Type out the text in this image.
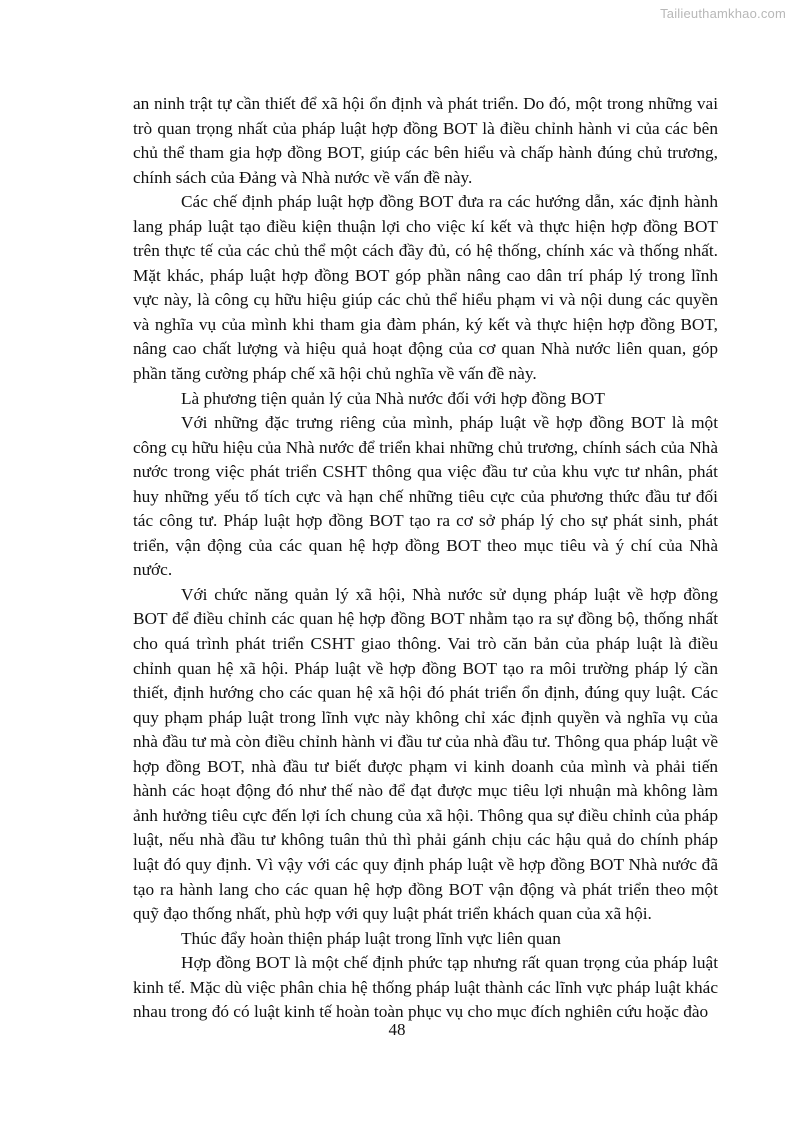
Tailieuthamkhao.com

an ninh trật tự cần thiết để xã hội ổn định và phát triển. Do đó, một trong những vai trò quan trọng nhất của pháp luật hợp đồng BOT là điều chỉnh hành vi của các bên chủ thể tham gia hợp đồng BOT, giúp các bên hiểu và chấp hành đúng chủ trương, chính sách của Đảng và Nhà nước về vấn đề này.

Các chế định pháp luật hợp đồng BOT đưa ra các hướng dẫn, xác định hành lang pháp luật tạo điều kiện thuận lợi cho việc kí kết và thực hiện hợp đồng BOT trên thực tế của các chủ thể một cách đầy đủ, có hệ thống, chính xác và thống nhất. Mặt khác, pháp luật hợp đồng BOT góp phần nâng cao dân trí pháp lý trong lĩnh vực này, là công cụ hữu hiệu giúp các chủ thể hiểu phạm vi và nội dung các quyền và nghĩa vụ của mình khi tham gia đàm phán, ký kết và thực hiện hợp đồng BOT, nâng cao chất lượng và hiệu quả hoạt động của cơ quan Nhà nước liên quan, góp phần tăng cường pháp chế xã hội chủ nghĩa về vấn đề này.

Là phương tiện quản lý của Nhà nước đối với hợp đồng BOT

Với những đặc trưng riêng của mình, pháp luật về hợp đồng BOT là một công cụ hữu hiệu của Nhà nước để triển khai những chủ trương, chính sách của Nhà nước trong việc phát triển CSHT thông qua việc đầu tư của khu vực tư nhân, phát huy những yếu tố tích cực và hạn chế những tiêu cực của phương thức đầu tư đối tác công tư. Pháp luật hợp đồng BOT tạo ra cơ sở pháp lý cho sự phát sinh, phát triển, vận động của các quan hệ hợp đồng BOT theo mục tiêu và ý chí của Nhà nước.

Với chức năng quản lý xã hội, Nhà nước sử dụng pháp luật về hợp đồng BOT để điều chỉnh các quan hệ hợp đồng BOT nhằm tạo ra sự đồng bộ, thống nhất cho quá trình phát triển CSHT giao thông. Vai trò căn bản của pháp luật là điều chỉnh quan hệ xã hội. Pháp luật về hợp đồng BOT tạo ra môi trường pháp lý cần thiết, định hướng cho các quan hệ xã hội đó phát triển ổn định, đúng quy luật. Các quy phạm pháp luật trong lĩnh vực này không chỉ xác định quyền và nghĩa vụ của nhà đầu tư mà còn điều chỉnh hành vi đầu tư của nhà đầu tư. Thông qua pháp luật về hợp đồng BOT, nhà đầu tư biết được phạm vi kinh doanh của mình và phải tiến hành các hoạt động đó như thế nào để đạt được mục tiêu lợi nhuận mà không làm ảnh hưởng tiêu cực đến lợi ích chung của xã hội. Thông qua sự điều chỉnh của pháp luật, nếu nhà đầu tư không tuân thủ thì phải gánh chịu các hậu quả do chính pháp luật đó quy định. Vì vậy với các quy định pháp luật về hợp đồng BOT Nhà nước đã tạo ra hành lang cho các quan hệ hợp đồng BOT vận động và phát triển theo một quỹ đạo thống nhất, phù hợp với quy luật phát triển khách quan của xã hội.

Thúc đẩy hoàn thiện pháp luật trong lĩnh vực liên quan

Hợp đồng BOT là một chế định phức tạp nhưng rất quan trọng của pháp luật kinh tế. Mặc dù việc phân chia hệ thống pháp luật thành các lĩnh vực pháp luật khác nhau trong đó có luật kinh tế hoàn toàn phục vụ cho mục đích nghiên cứu hoặc đào

48
